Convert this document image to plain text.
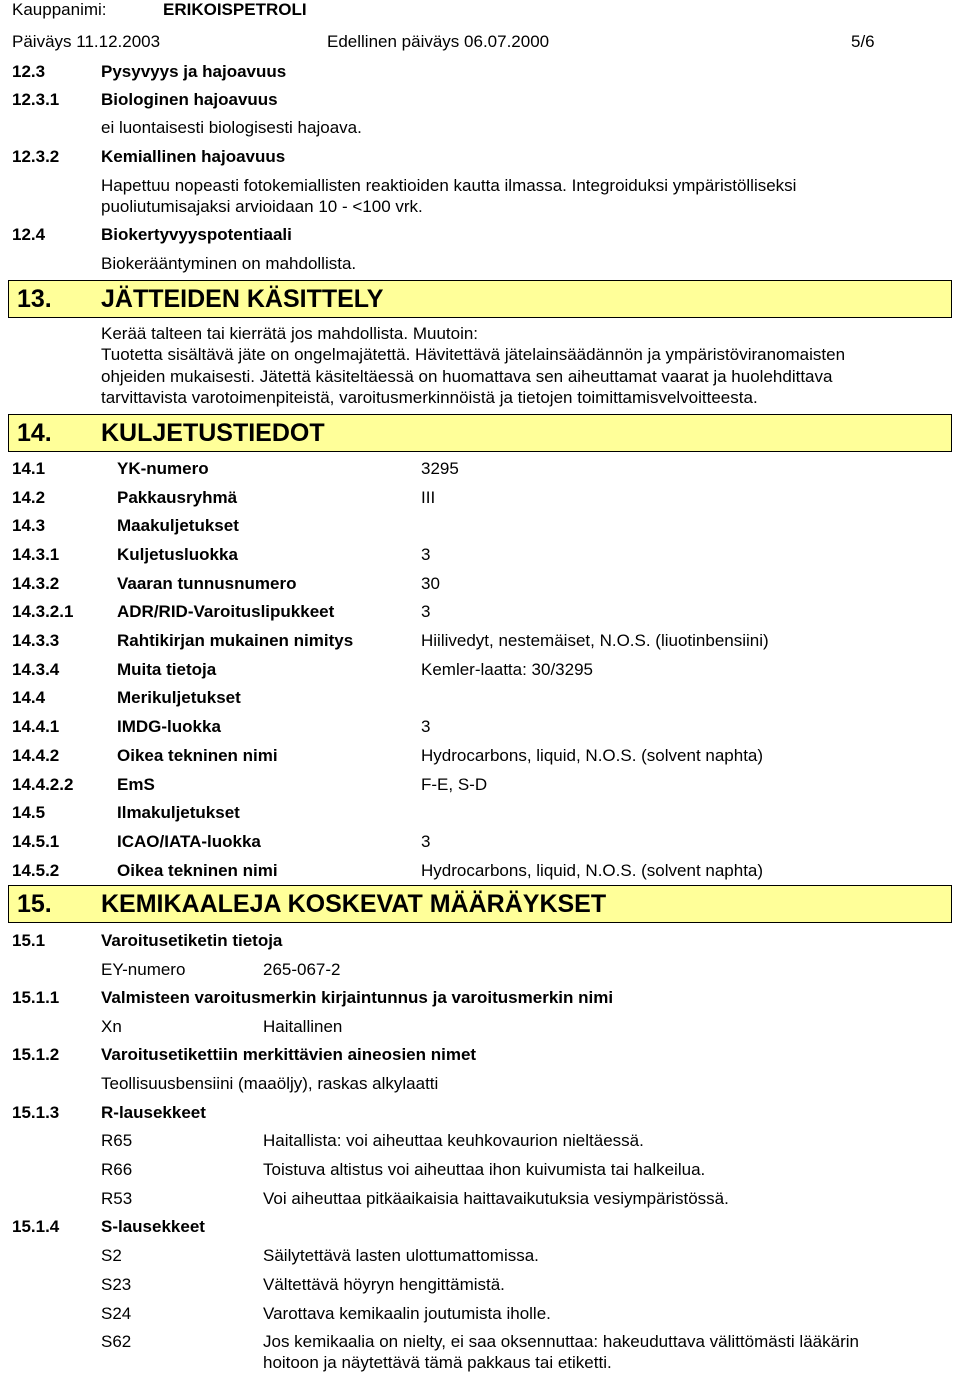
Kauppanimi:	ERIKOISPETROLI
Päiväys 11.12.2003	Edellinen päiväys 06.07.2000	5/6
12.3	Pysyvyys ja hajoavuus
12.3.1 Biologinen hajoavuus
ei luontaisesti biologisesti hajoava.
12.3.2 Kemiallinen hajoavuus
Hapettuu nopeasti fotokemiallisten reaktioiden kautta ilmassa. Integroiduksi ympäristölliseksi
puoliutumisajaksi arvioidaan 10 - <100 vrk.
12.4	Biokertyvyyspotentiaali
Biokerääntyminen on mahdollista.
13. JÄTTEIDEN KÄSITTELY
Kerää talteen tai kierrätä jos mahdollista. Muutoin:
Tuotetta sisältävä jäte on ongelmajätettä. Hävitettävä jätelainsäädännön ja ympäristöviranomaisten
ohjeiden mukaisesti. Jätettä käsiteltäessä on huomattava sen aiheuttamat vaarat ja huolehdittava
tarvittavista varotoimenpiteistä, varoitusmerkinnöistä ja tietojen toimittamisvelvoitteesta.
14. KULJETUSTIEDOT
14.1	YK-numero	3295
14.2	Pakkausryhmä	III
14.3	Maakuljetukset
14.3.1	Kuljetusluokka	3
14.3.2	Vaaran tunnusnumero	30
14.3.2.1	ADR/RID-Varoituslipukkeet	3
14.3.3	Rahtikirjan mukainen nimitys	Hiilivedyt, nestemäiset, N.O.S. (liuotinbensiini)
14.3.4	Muita tietoja	Kemler-laatta: 30/3295
14.4	Merikuljetukset
14.4.1	IMDG-luokka	3
14.4.2	Oikea tekninen nimi	Hydrocarbons, liquid, N.O.S. (solvent naphta)
14.4.2.2	EmS	F-E, S-D
14.5	Ilmakuljetukset
14.5.1	ICAO/IATA-luokka	3
14.5.2	Oikea tekninen nimi	Hydrocarbons, liquid, N.O.S. (solvent naphta)
15. KEMIKAALEJA KOSKEVAT MÄÄRÄYKSET
15.1	Varoitusetiketin tietoja
EY-numero	265-067-2
15.1.1 Valmisteen varoitusmerkin kirjaintunnus ja varoitusmerkin nimi
Xn	Haitallinen
15.1.2 Varoitusetikettiin merkittävien aineosien nimet
Teollisuusbensiini (maaöljy), raskas alkylaatti
15.1.3 R-lausekkeet
R65	Haitallista: voi aiheuttaa keuhkovaurion nieltäessä.
R66	Toistuva altistus voi aiheuttaa ihon kuivumista tai halkeilua.
R53	Voi aiheuttaa pitkäaikaisia haittavaikutuksia vesiympäristössä.
15.1.4 S-lausekkeet
S2	Säilytettävä lasten ulottumattomissa.
S23	Vältettävä höyryn hengittämistä.
S24	Varottava kemikaalin joutumista iholle.
S62	Jos kemikaalia on nielty, ei saa oksennuttaa: hakeuduttava välittömästi lääkärin
hoitoon ja näytettävä tämä pakkaus tai etiketti.
